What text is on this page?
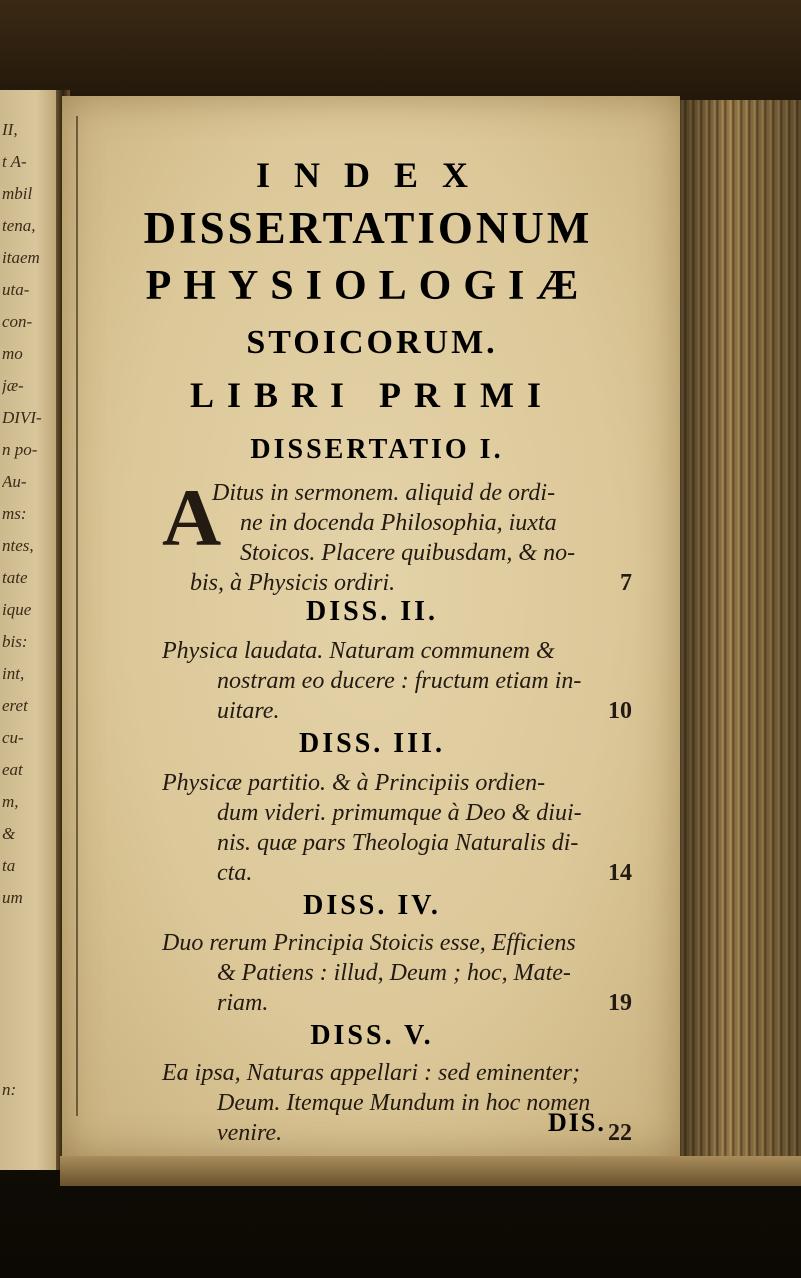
II,
t A-
mbil
tena,
itaem
uta-
con-
mo
jæ-
DIVI-
n po-
Au-
ms:
ntes,
tate
ique
bis:
int,
eret
cu-
eat
m,
&
ta
um
n:
INDEX
DISSERTATIONUM
PHYSIOLOGIÆ
STOICORUM.
LIBRI PRIMI
DISSERTATIO I.
A
Ditus in sermonem. aliquid de ordi-
ne in docenda Philosophia, iuxta
Stoicos. Placere quibusdam, & no-
bis, à Physicis ordiri.	7
DISS. II.
Physica laudata. Naturam communem &
nostram eo ducere : fructum etiam in-
uitare.	10
DISS. III.
Physicæ partitio. & à Principiis ordien-
dum videri. primumque à Deo & diui-
nis. quæ pars Theologia Naturalis di-
cta.	14
DISS. IV.
Duo rerum Principia Stoicis esse, Efficiens
& Patiens : illud, Deum ; hoc, Mate-
riam.	19
DISS. V.
Ea ipsa, Naturas appellari : sed eminenter;
Deum. Itemque Mundum in hoc nomen
venire.	22
DIS.
